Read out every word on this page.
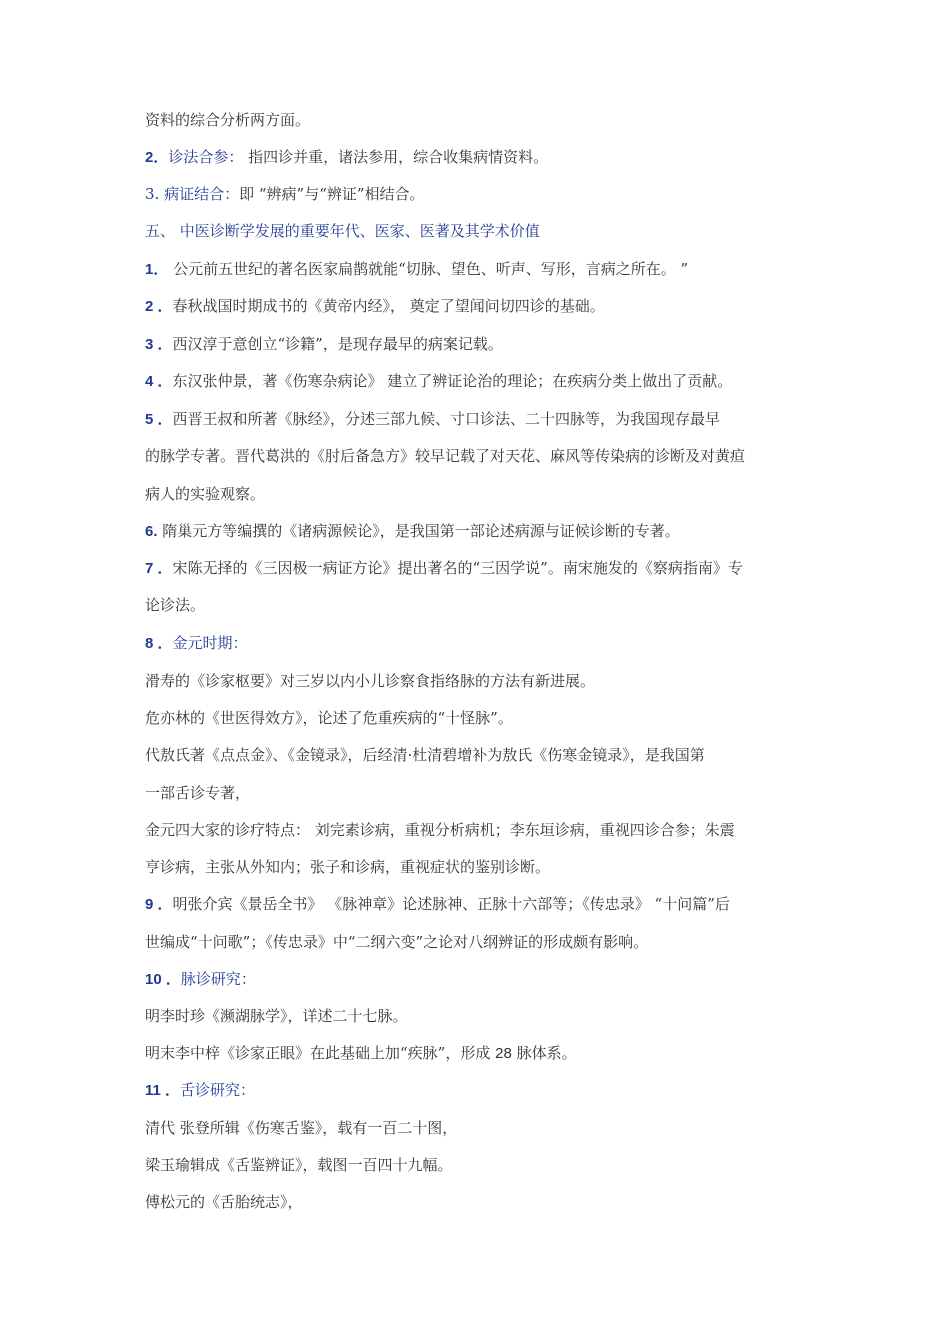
资料的综合分析两方面。
2．诊法合参： 指四诊并重，诸法参用，综合收集病情资料。
3. 病证结合：即 “辨病”与“辨证”相结合。
五、 中医诊断学发展的重要年代、医家、医著及其学术价值
1． 公元前五世纪的著名医家扁鹊就能“切脉、望色、听声、写形，言病之所在。 ”
2 ．春秋战国时期成书的《黄帝内经》， 奠定了望闻问切四诊的基础。
3 ．西汉淳于意创立“诊籍”，是现存最早的病案记载。
4 ．东汉张仲景，著《伤寒杂病论》 建立了辨证论治的理论；在疾病分类上做出了贡献。
5 ．西晋王叔和所著《脉经》，分述三部九候、寸口诊法、二十四脉等，为我国现存最早
的脉学专著。晋代葛洪的《肘后备急方》较早记载了对天花、麻风等传染病的诊断及对黄疸
病人的实验观察。
6. 隋巢元方等编撰的《诸病源候论》，是我国第一部论述病源与证候诊断的专著。
7 ．宋陈无择的《三因极一病证方论》提出著名的“三因学说”。南宋施发的《察病指南》专
论诊法。
8 ．金元时期：
滑寿的《诊家枢要》对三岁以内小儿诊察食指络脉的方法有新进展。
危亦林的《世医得效方》，论述了危重疾病的“十怪脉”。
代敖氏著《点点金》、《金镜录》，后经清·杜清碧增补为敖氏《伤寒金镜录》，是我国第
一部舌诊专著，
金元四大家的诊疗特点： 刘完素诊病，重视分析病机；李东垣诊病，重视四诊合参；朱震
亨诊病，主张从外知内；张子和诊病，重视症状的鉴别诊断。
9 ．明张介宾《景岳全书》 《脉神章》论述脉神、正脉十六部等；《传忠录》 “十问篇”后
世编成“十问歌”；《传忠录》中“二纲六变”之论对八纲辨证的形成颇有影响。
10 ．脉诊研究：
明李时珍《濒湖脉学》，详述二十七脉。
明末李中梓《诊家正眼》在此基础上加“疾脉”，形成 28 脉体系。
11 ．舌诊研究：
清代 张登所辑《伤寒舌鉴》，载有一百二十图，
梁玉瑜辑成《舌鉴辨证》，载图一百四十九幅。
傅松元的《舌胎统志》，
